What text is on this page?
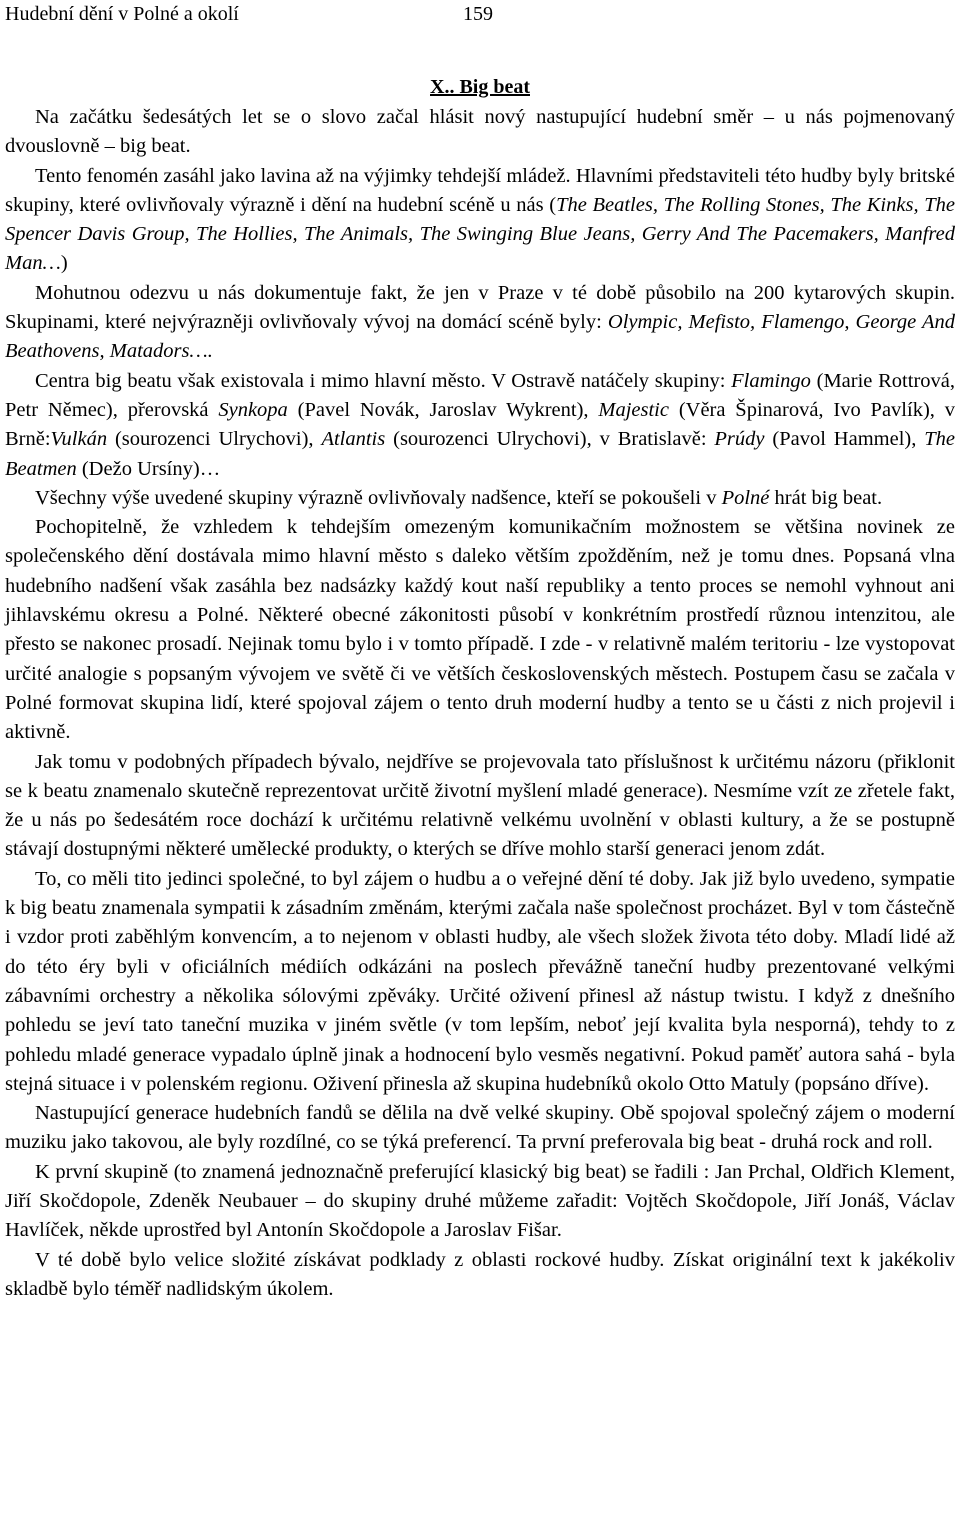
Hudební dění v Polné a okolí	159
X.. Big beat

Na začátku šedesátých let se o slovo začal hlásit nový nastupující hudební směr – u nás pojmenovaný dvouslovně – big beat.

Tento fenomén zasáhl jako lavina až na výjimky tehdejší mládež. Hlavními představiteli této hudby byly britské skupiny, které ovlivňovaly výrazně i dění na hudební scéně u nás (The Beatles, The Rolling Stones, The Kinks, The Spencer Davis Group, The Hollies, The Animals, The Swinging Blue Jeans, Gerry And The Pacemakers, Manfred Man…)

Mohutnou odezvu u nás dokumentuje fakt, že jen v Praze v té době působilo na 200 kytarových skupin. Skupinami, které nejvýrazněji ovlivňovaly vývoj na domácí scéně byly: Olympic, Mefisto, Flamengo, George And Beathovens, Matadors….

Centra big beatu však existovala i mimo hlavní město. V Ostravě natáčely skupiny: Flamingo (Marie Rottrová, Petr Němec), přerovská Synkopa (Pavel Novák, Jaroslav Wykrent), Majestic (Věra Špinarová, Ivo Pavlík), v Brně:Vulkán (sourozenci Ulrychovi), Atlantis (sourozenci Ulrychovi), v Bratislavě: Prúdy (Pavol Hammel), The Beatmen (Dežo Ursíny)…

Všechny výše uvedené skupiny výrazně ovlivňovaly nadšence, kteří se pokoušeli v Polné hrát big beat.

Pochopitelně, že vzhledem k tehdejším omezeným komunikačním možnostem se většina novinek ze společenského dění dostávala mimo hlavní město s daleko větším zpožděním, než je tomu dnes. Popsaná vlna hudebního nadšení však zasáhla bez nadsázky každý kout naší republiky a tento proces se nemohl vyhnout ani jihlavskému okresu a Polné. Některé obecné zákonitosti působí v konkrétním prostředí různou intenzitou, ale přesto se nakonec prosadí. Nejinak tomu bylo i v tomto případě. I zde - v relativně malém teritoriu - lze vystopovat určité analogie s popsaným vývojem ve světě či ve větších československých městech. Postupem času se začala v Polné formovat skupina lidí, které spojoval zájem o tento druh moderní hudby a tento se u části z nich projevil i aktivně.

Jak tomu v podobných případech bývalo, nejdříve se projevovala tato příslušnost k určitému názoru (přiklonit se k beatu znamenalo skutečně reprezentovat určitě životní myšlení mladé generace). Nesmíme vzít ze zřetele fakt, že u nás po šedesátém roce dochází k určitému relativně velkému uvolnění v oblasti kultury, a že se postupně stávají dostupnými některé umělecké produkty, o kterých se dříve mohlo starší generaci jenom zdát.

To, co měli tito jedinci společné, to byl zájem o hudbu a o veřejné dění té doby. Jak již bylo uvedeno, sympatie k big beatu znamenala sympatii k zásadním změnám, kterými začala naše společnost procházet. Byl v tom částečně i vzdor proti zaběhlým konvencím, a to nejenom v oblasti hudby, ale všech složek života této doby. Mladí lidé až do této éry byli v oficiálních médiích odkázáni na poslech převážně taneční hudby prezentované velkými zábavními orchestry a několika sólovými zpěváky. Určité oživení přinesl až nástup twistu. I když z dnešního pohledu se jeví tato taneční muzika v jiném světle (v tom lepším, neboť její kvalita byla nesporná), tehdy to z pohledu mladé generace vypadalo úplně jinak a hodnocení bylo vesměs negativní. Pokud paměť autora sahá - byla stejná situace i v polenském regionu. Oživení přinesla až skupina hudebníků okolo Otto Matuly (popsáno dříve).

Nastupující generace hudebních fandů se dělila na dvě velké skupiny. Obě spojoval společný zájem o moderní muziku jako takovou, ale byly rozdílné, co se týká preferencí. Ta první preferovala big beat - druhá rock and roll.

K první skupině (to znamená jednoznačně preferující klasický big beat) se řadili : Jan Prchal, Oldřich Klement, Jiří Skočdopole, Zdeněk Neubauer – do skupiny druhé můžeme zařadit: Vojtěch Skočdopole, Jiří Jonáš, Václav Havlíček, někde uprostřed byl Antonín Skočdopole a Jaroslav Fišar.

V té době bylo velice složité získávat podklady z oblasti rockové hudby. Získat originální text k jakékoliv skladbě bylo téměř nadlidským úkolem.
